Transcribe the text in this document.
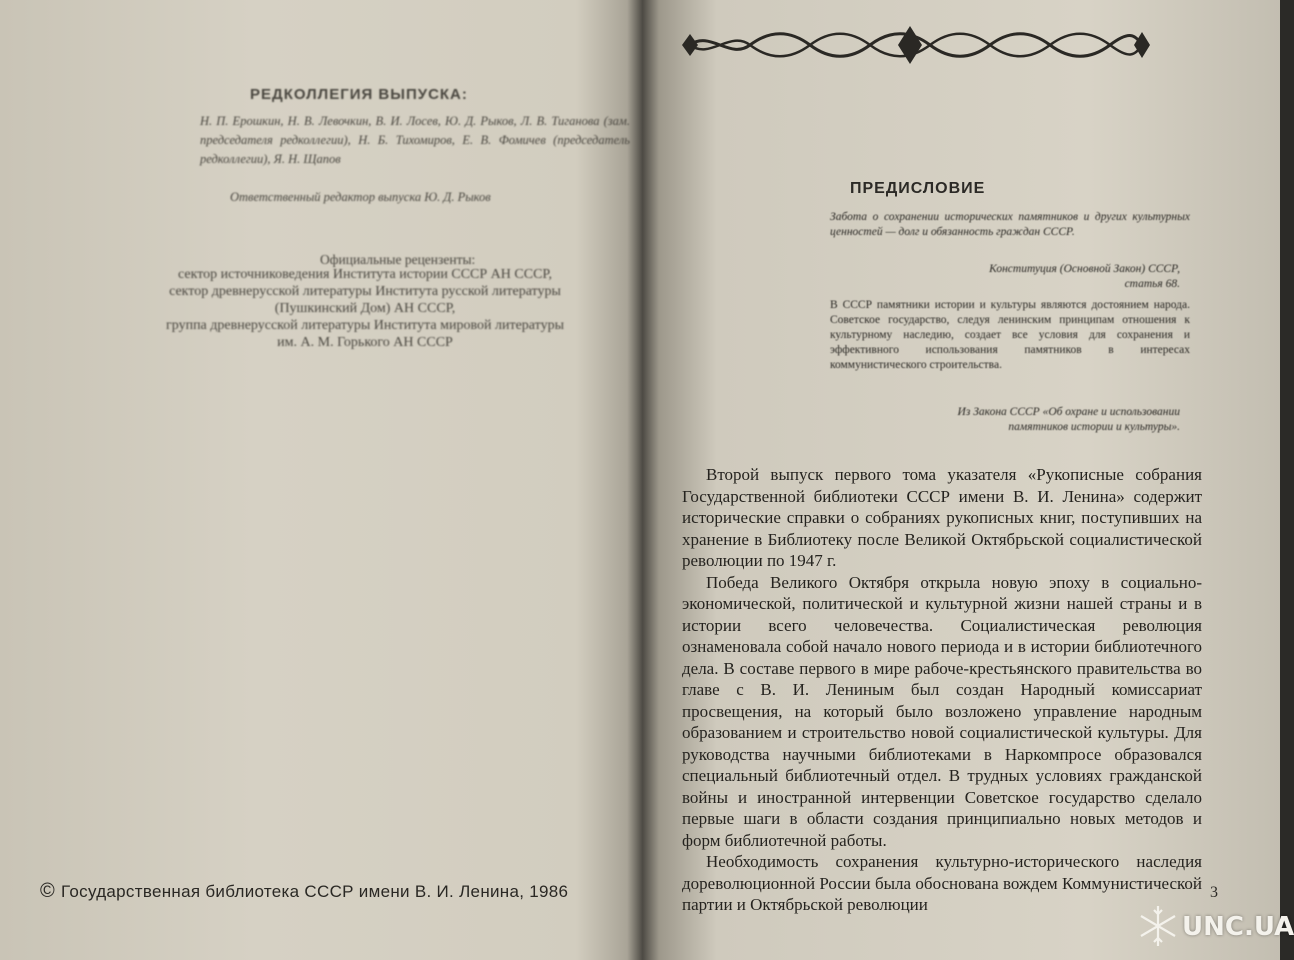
РЕДКОЛЛЕГИЯ ВЫПУСКА:
Н. П. Ерошкин, Н. В. Левочкин, В. И. Лосев, Ю. Д. Рыков, Л. В. Тиганова (зам. председателя редколлегии), Н. Б. Тихомиров, Е. В. Фомичев (председатель редколлегии), Я. Н. Щапов
Ответственный редактор выпуска Ю. Д. Рыков
Официальные рецензенты:
сектор источниковедения Института истории СССР АН СССР,
сектор древнерусской литературы Института русской литературы
(Пушкинский Дом) АН СССР,
группа древнерусской литературы Института мировой литературы
им. А. М. Горького АН СССР
© Государственная библиотека СССР имени В. И. Ленина, 1986
ПРЕДИСЛОВИЕ
Забота о сохранении исторических памятников и других культурных ценностей — долг и обязанность граждан СССР.
Конституция (Основной Закон) СССР, статья 68.
В СССР памятники истории и культуры являются достоянием народа. Советское государство, следуя ленинским принципам отношения к культурному наследию, создает все условия для сохранения и эффективного использования памятников в интересах коммунистического строительства.
Из Закона СССР «Об охране и использовании памятников истории и культуры».

Второй выпуск первого тома указателя «Рукописные собрания Государственной библиотеки СССР имени В. И. Ленина» содержит исторические справки о собраниях рукописных книг, поступивших на хранение в Библиотеку после Великой Октябрьской социалистической революции по 1947 г.

Победа Великого Октября открыла новую эпоху в социально-экономической, политической и культурной жизни нашей страны и в истории всего человечества. Социалистическая революция ознаменовала собой начало нового периода и в истории библиотечного дела. В составе первого в мире рабоче-крестьянского правительства во главе с В. И. Лениным был создан Народный комиссариат просвещения, на который было возложено управление народным образованием и строительство новой социалистической культуры. Для руководства научными библиотеками в Наркомпросе образовался специальный библиотечный отдел. В трудных условиях гражданской войны и иностранной интервенции Советское государство сделало первые шаги в области создания принципиально новых методов и форм библиотечной работы.

Необходимость сохранения культурно-исторического наследия дореволюционной России была обоснована вождем Коммунистической партии и Октябрьской революции

3
UNC.UA
